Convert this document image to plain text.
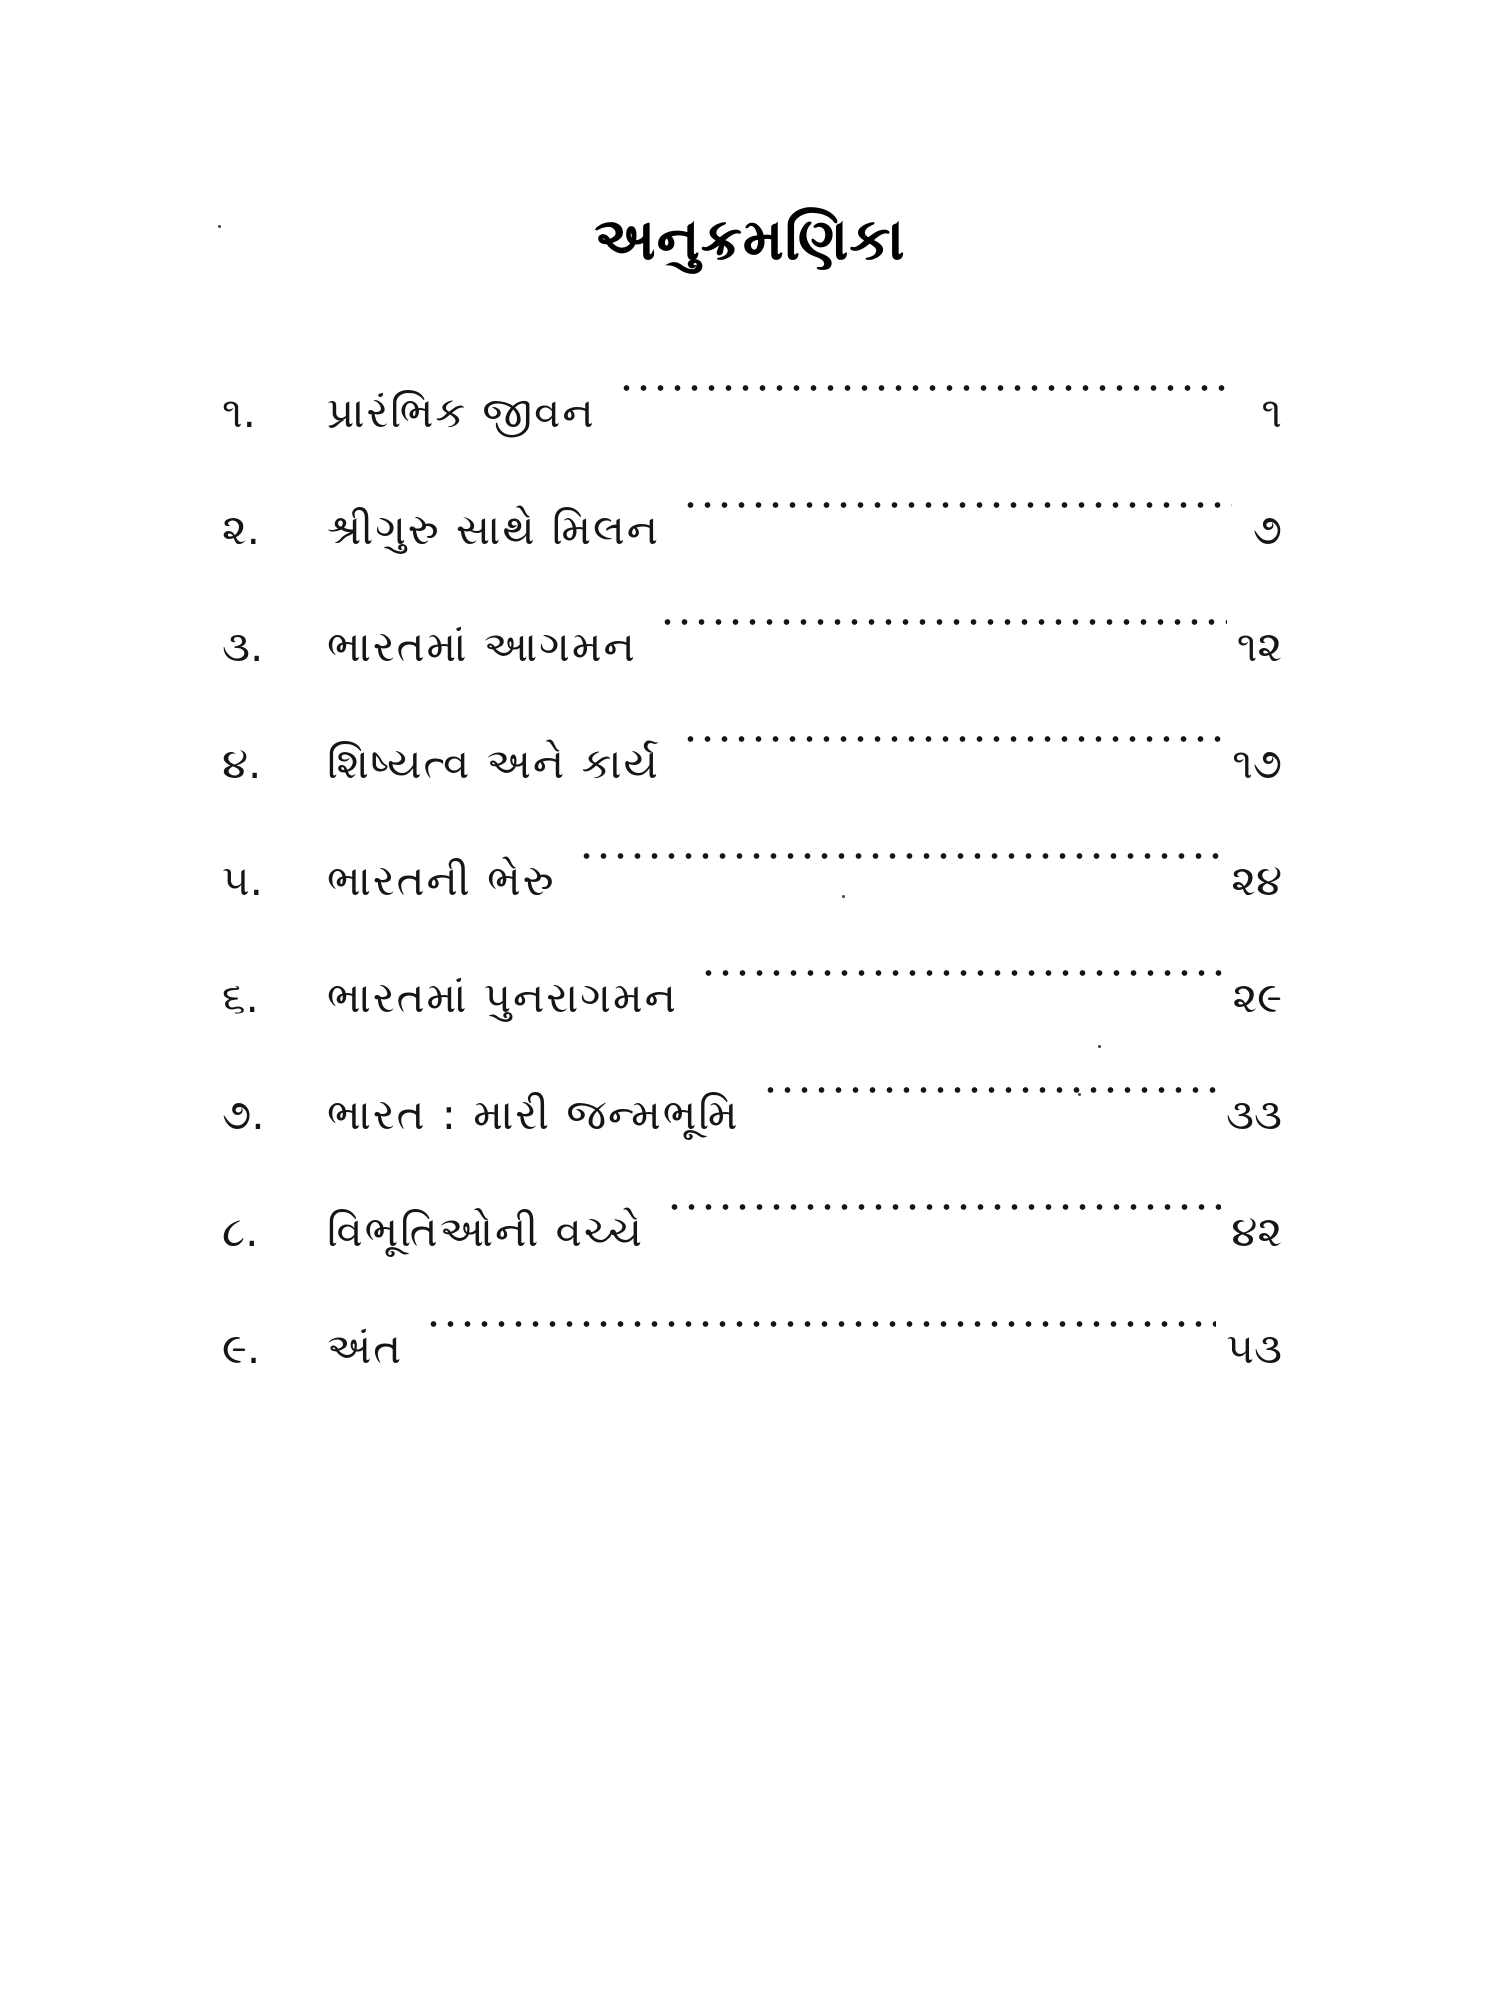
અનુક્રમણિકા
૧.	પ્રારંભિક જીવન	૧
૨.	શ્રીગુરુ સાથે મિલન	૭
૩.	ભારતમાં આગમન	૧૨
૪.	શિષ્યત્વ અને કાર્ય	૧૭
૫.	ભારતની ભેરુ	૨૪
૬.	ભારતમાં પુનરાગમન	૨૯
૭.	ભારત : મારી જન્મભૂમિ	૩૩
૮.	વિભૂતિઓની વચ્ચે	૪૨
૯.	અંત	૫૩
